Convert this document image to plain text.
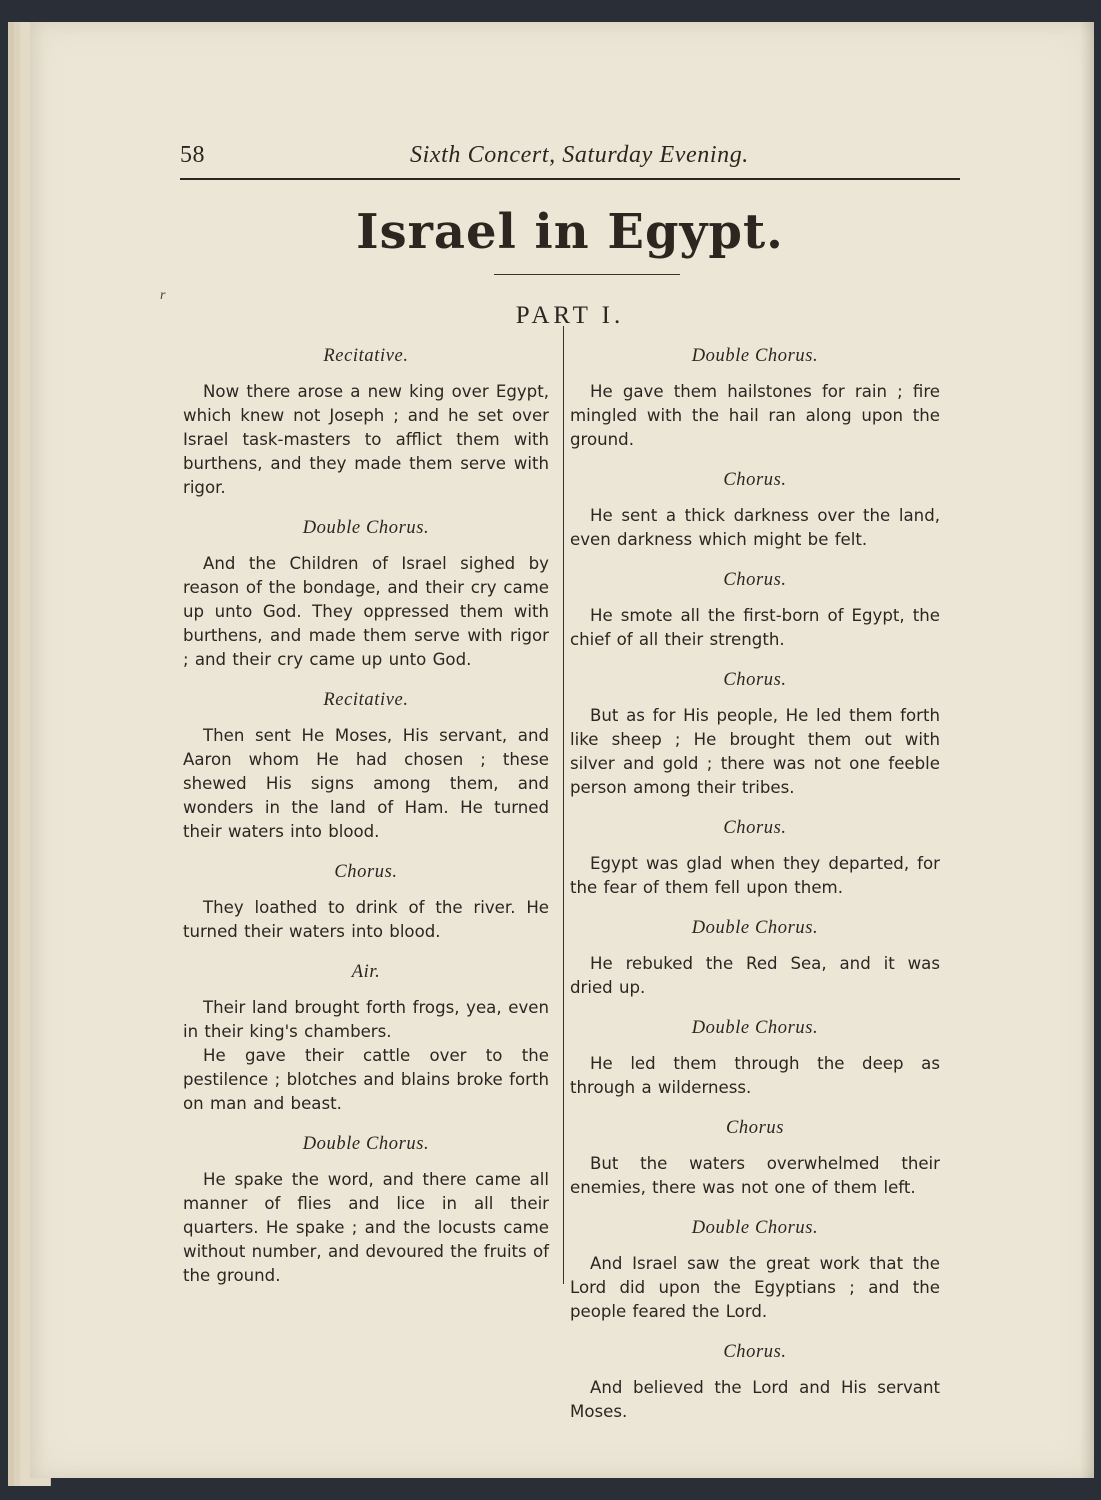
58	Sixth Concert, Saturday Evening.
Israel in Egypt.
r
PART I.
Recitative.

Now there arose a new king over Egypt, which knew not Joseph ; and he set over Israel task-masters to afflict them with burthens, and they made them serve with rigor.

Double Chorus.

And the Children of Israel sighed by reason of the bondage, and their cry came up unto God. They oppressed them with burthens, and made them serve with rigor ; and their cry came up unto God.

Recitative.

Then sent He Moses, His servant, and Aaron whom He had chosen ; these shewed His signs among them, and wonders in the land of Ham. He turned their waters into blood.

Chorus.

They loathed to drink of the river. He turned their waters into blood.

Air.

Their land brought forth frogs, yea, even in their king's chambers.

He gave their cattle over to the pestilence ; blotches and blains broke forth on man and beast.

Double Chorus.

He spake the word, and there came all manner of flies and lice in all their quarters. He spake ; and the locusts came without number, and devoured the fruits of the ground.

Double Chorus.

He gave them hailstones for rain ; fire mingled with the hail ran along upon the ground.

Chorus.

He sent a thick darkness over the land, even darkness which might be felt.

Chorus.

He smote all the first-born of Egypt, the chief of all their strength.

Chorus.

But as for His people, He led them forth like sheep ; He brought them out with silver and gold ; there was not one feeble person among their tribes.

Chorus.

Egypt was glad when they departed, for the fear of them fell upon them.

Double Chorus.

He rebuked the Red Sea, and it was dried up.

Double Chorus.

He led them through the deep as through a wilderness.

Chorus

But the waters overwhelmed their enemies, there was not one of them left.

Double Chorus.

And Israel saw the great work that the Lord did upon the Egyptians ; and the people feared the Lord.

Chorus.

And believed the Lord and His servant Moses.
